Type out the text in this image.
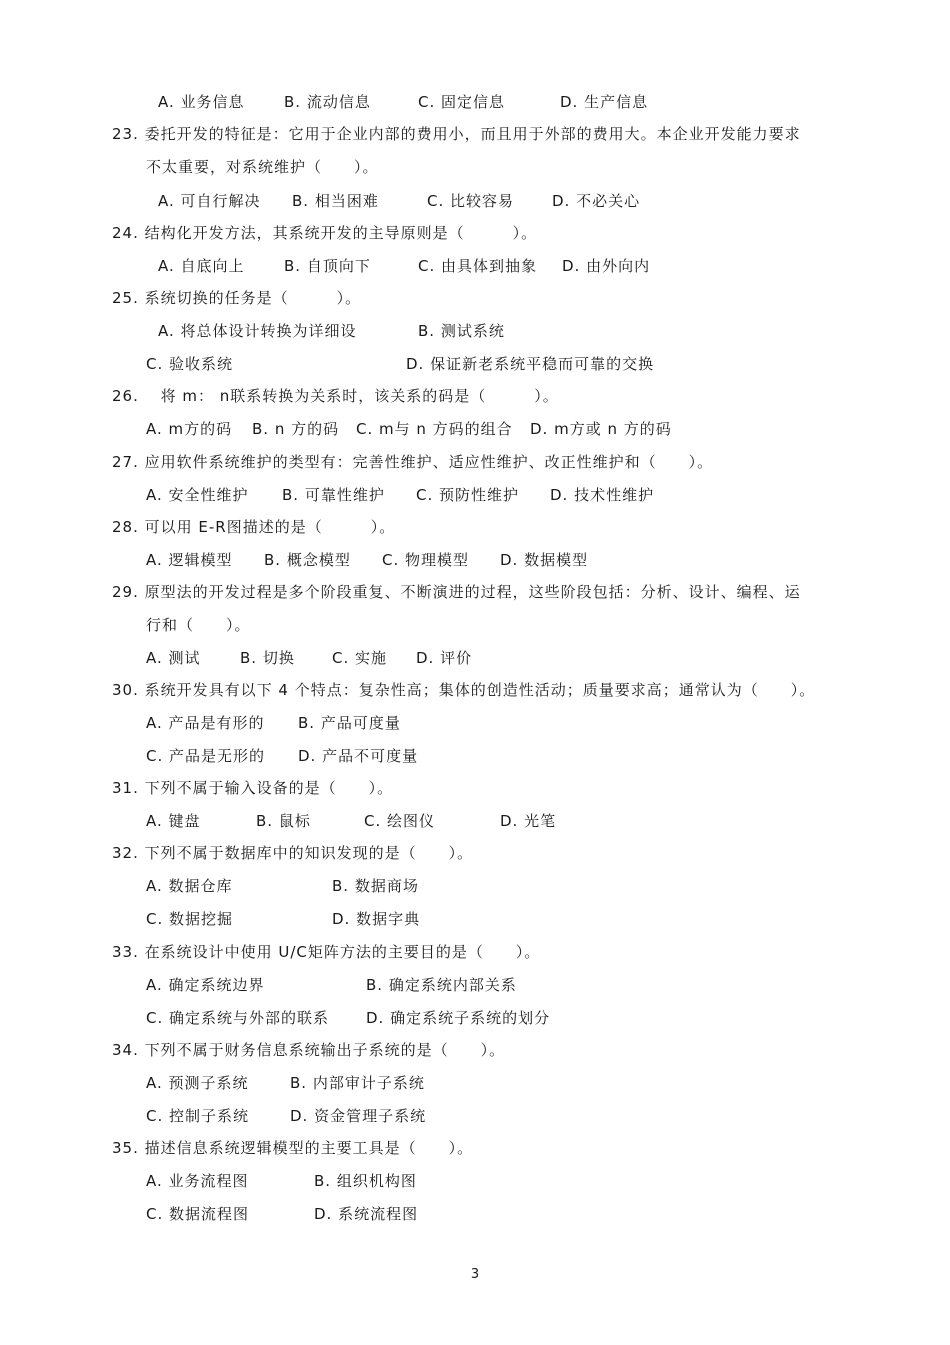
A. 业务信息	B. 流动信息	C. 固定信息	D. 生产信息
23. 委托开发的特征是：它用于企业内部的费用小，而且用于外部的费用大。本企业开发能力要求
不太重要，对系统维护（　　）。
A. 可自行解决 B. 相当困难	C. 比较容易	D. 不必关心
24. 结构化开发方法，其系统开发的主导原则是（　　　）。
A. 自底向上	B. 自顶向下	C. 由具体到抽象 D. 由外向内
25. 系统切换的任务是（　　　）。
A. 将总体设计转换为详细设	B. 测试系统
C. 验收系统	D. 保证新老系统平稳而可靠的交换
26.　 将 m： n联系转换为关系时，该关系的码是（　　　）。
A. m方的码 B. n 方的码 C. m与 n 方码的组合 D. m方或 n 方的码
27. 应用软件系统维护的类型有：完善性维护、适应性维护、改正性维护和（　　）。
A. 安全性维护 B. 可靠性维护 C. 预防性维护 D. 技术性维护
28. 可以用 E-R图描述的是（　　　）。
A. 逻辑模型 B. 概念模型 C. 物理模型 D. 数据模型
29. 原型法的开发过程是多个阶段重复、不断演进的过程，这些阶段包括：分析、设计、编程、运
行和（　　）。
A. 测试	B. 切换 C. 实施 D. 评价
30. 系统开发具有以下 4 个特点：复杂性高；集体的创造性活动；质量要求高；通常认为（　　）。
A. 产品是有形的 B. 产品可度量
C. 产品是无形的 D. 产品不可度量
31. 下列不属于输入设备的是（　　）。
A. 键盘	B. 鼠标	C. 绘图仪	D. 光笔
32. 下列不属于数据库中的知识发现的是（　　）。
A. 数据仓库	B. 数据商场
C. 数据挖掘	D. 数据字典
33. 在系统设计中使用 U/C矩阵方法的主要目的是（　　）。
A. 确定系统边界	B. 确定系统内部关系
C. 确定系统与外部的联系 D. 确定系统子系统的划分
34. 下列不属于财务信息系统输出子系统的是（　　）。
A. 预测子系统	B. 内部审计子系统
C. 控制子系统	D. 资金管理子系统
35. 描述信息系统逻辑模型的主要工具是（　　）。
A. 业务流程图	B. 组织机构图
C. 数据流程图	D. 系统流程图
3
